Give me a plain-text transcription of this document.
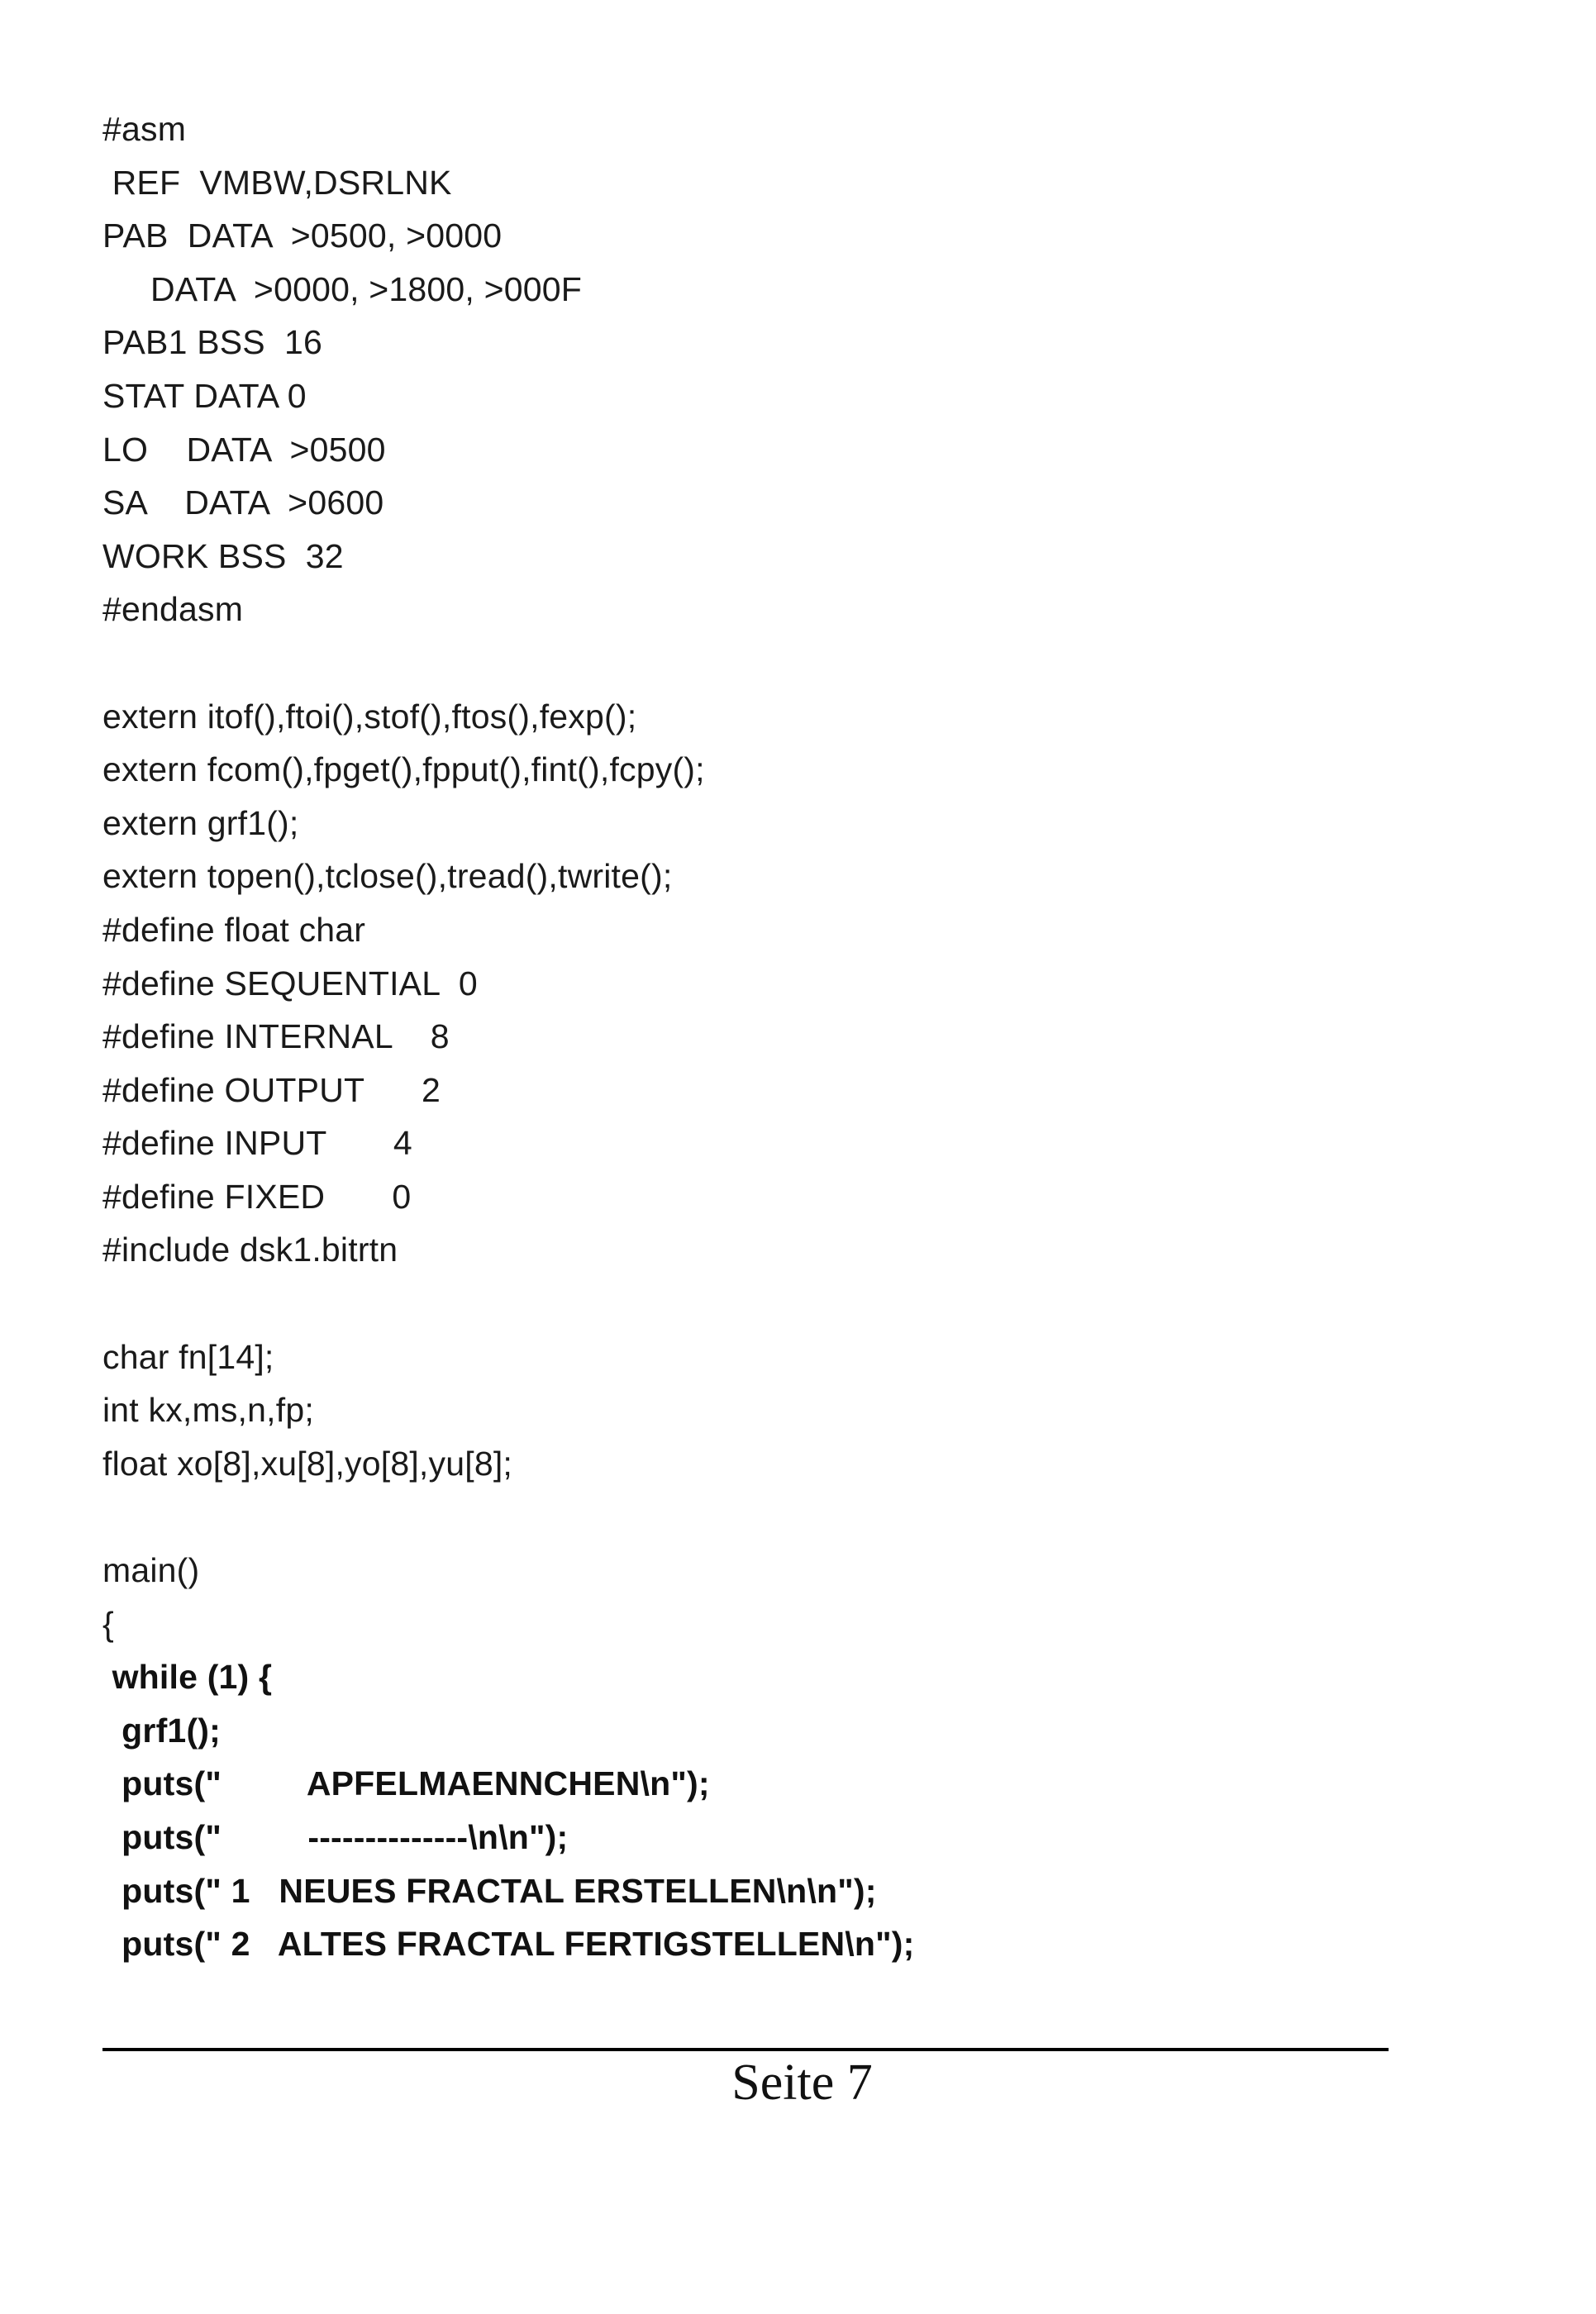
#asm
REF  VMBW,DSRLNK
PAB  DATA  >0500, >0000
DATA  >0000, >1800, >000F
PAB1 BSS  16
STAT DATA 0
LO    DATA  >0500
SA    DATA  >0600
WORK BSS  32
#endasm
extern itof(),ftoi(),stof(),ftos(),fexp();
extern fcom(),fpget(),fpput(),fint(),fcpy();
extern grf1();
extern topen(),tclose(),tread(),twrite();
#define float char
#define SEQUENTIAL  0
#define INTERNAL    8
#define OUTPUT      2
#define INPUT       4
#define FIXED       0
#include dsk1.bitrtn
char fn[14];
int kx,ms,n,fp;
float xo[8],xu[8],yo[8],yu[8];
main()
{
while (1) {
grf1();
puts("         APFELMAENNCHEN\n");
puts("         --------------\n\n");
puts(" 1   NEUES FRACTAL ERSTELLEN\n\n");
puts(" 2   ALTES FRACTAL FERTIGSTELLEN\n");
Seite 7
